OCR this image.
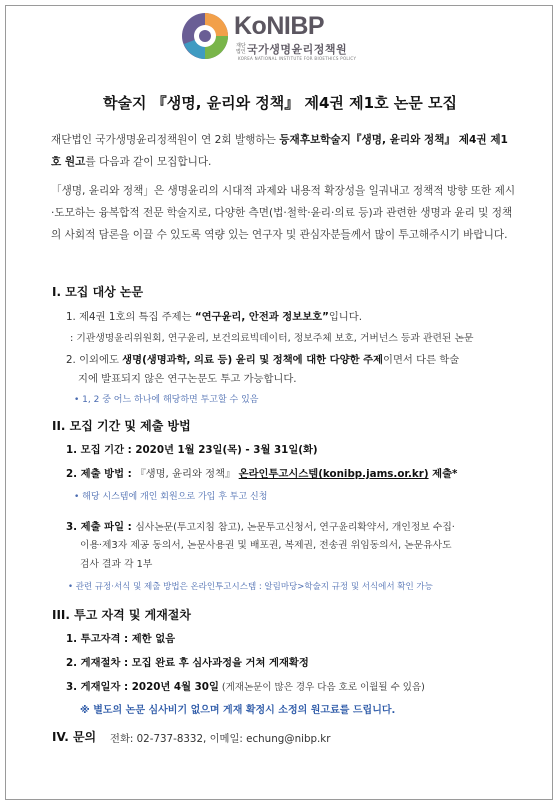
KoNIBP
재단
법인 국가생명윤리정책원
KOREA NATIONAL INSTITUTE FOR BIOETHICS POLICY
학술지 『생명, 윤리와 정책』 제4권 제1호 논문 모집
재단법인 국가생명윤리정책원이 연 2회 발행하는 등재후보학술지『생명, 윤리와 정책』 제4권 제1호 원고를 다음과 같이 모집합니다.
「생명, 윤리와 정책」은 생명윤리의 시대적 과제와 내용적 확장성을 일궈내고 정책적 방향 또한 제시·도모하는 융복합적 전문 학술지로, 다양한 측면(법·철학·윤리·의료 등)과 관련한 생명과 윤리 및 정책의 사회적 담론을 이끌 수 있도록 역량 있는 연구자 및 관심자분들께서 많이 투고해주시기 바랍니다.
I. 모집 대상 논문
1. 제4권 1호의 특집 주제는 “연구윤리, 안전과 정보보호”입니다.
: 기관생명윤리위원회, 연구윤리, 보건의료빅데이터, 정보주체 보호, 거버넌스 등과 관련된 논문
2. 이외에도 생명(생명과학, 의료 등) 윤리 및 정책에 대한 다양한 주제이면서 다른 학술
지에 발표되지 않은 연구논문도 투고 가능합니다.
• 1, 2 중 어느 하나에 해당하면 투고할 수 있음
II. 모집 기간 및 제출 방법
1. 모집 기간 : 2020년 1월 23일(목) - 3월 31일(화)
2. 제출 방법 : 『생명, 윤리와 정책』 온라인투고시스템(konibp.jams.or.kr) 제출*
• 해당 시스템에 개인 회원으로 가입 후 투고 신청
3. 제출 파일 : 심사논문(투고지침 참고), 논문투고신청서, 연구윤리확약서, 개인정보 수집·
이용·제3자 제공 동의서, 논문사용권 및 배포권, 복제권, 전송권 위임동의서, 논문유사도
검사 결과 각 1부
• 관련 규정·서식 및 제출 방법은 온라인투고시스템 : 알림마당>학술지 규정 및 서식에서 확인 가능
III. 투고 자격 및 게재절차
1. 투고자격 : 제한 없음
2. 게재절차 : 모집 완료 후 심사과정을 거쳐 게재확정
3. 게재일자 : 2020년 4월 30일 (게재논문이 많은 경우 다음 호로 이월될 수 있음)
※ 별도의 논문 심사비기 없으며 게재 확정시 소정의 원고료를 드립니다.
IV. 문의 전화: 02-737-8332, 이메일: echung@nibp.kr
